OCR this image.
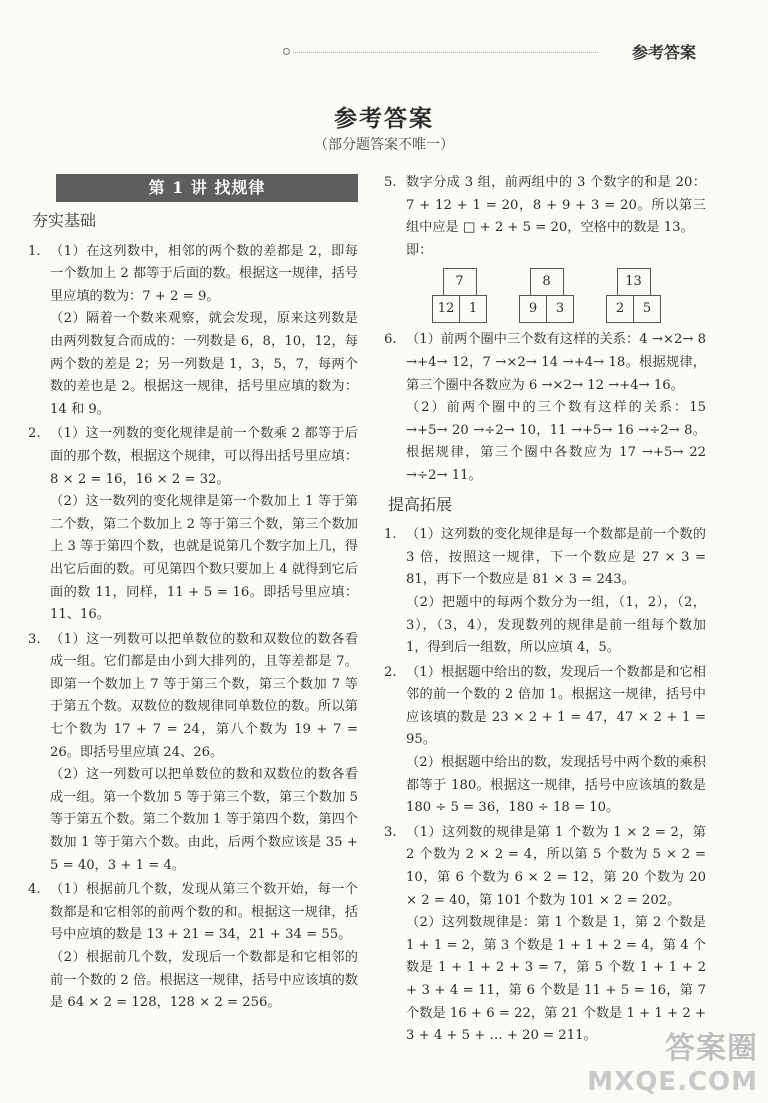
参考答案
参考答案
（部分题答案不唯一）
第 1 讲 找规律
夯实基础
1. （1）在这列数中，相邻的两个数的差都是 2，即每一个数加上 2 都等于后面的数。根据这一规律，括号里应填的数为：7 + 2 = 9。
（2）隔着一个数来观察，就会发现，原来这列数是由两列数复合而成的：一列数是 6，8，10，12，每两个数的差是 2；另一列数是 1，3，5，7，每两个数的差也是 2。根据这一规律，括号里应填的数为：14 和 9。
2. （1）这一列数的变化规律是前一个数乘 2 都等于后面的那个数，根据这个规律，可以得出括号里应填：8 × 2 = 16，16 × 2 = 32。
（2）这一数列的变化规律是第一个数加上 1 等于第二个数，第二个数加上 2 等于第三个数，第三个数加上 3 等于第四个数，也就是说第几个数字加上几，得出它后面的数。可见第四个数只要加上 4 就得到它后面的数 11，同样，11 + 5 = 16。即括号里应填：11、16。
3. （1）这一列数可以把单数位的数和双数位的数各看成一组。它们都是由小到大排列的，且等差都是 7。即第一个数加上 7 等于第三个数，第三个数加 7 等于第五个数。双数位的数规律同单数位的数。所以第七个数为 17 + 7 = 24，第八个数为 19 + 7 = 26。即括号里应填 24、26。
（2）这一列数可以把单数位的数和双数位的数各看成一组。第一个数加 5 等于第三个数，第三个数加 5 等于第五个数。第二个数加 1 等于第四个数，第四个数加 1 等于第六个数。由此，后两个数应该是 35 + 5 = 40，3 + 1 = 4。
4. （1）根据前几个数，发现从第三个数开始，每一个数都是和它相邻的前两个数的和。根据这一规律，括号中应填的数是 13 + 21 = 34，21 + 34 = 55。
（2）根据前几个数，发现后一个数都是和它相邻的前一个数的 2 倍。根据这一规律，括号中应该填的数是 64 × 2 = 128，128 × 2 = 256。
5. 数字分成 3 组，前两组中的 3 个数字的和是 20：7 + 12 + 1 = 20，8 + 9 + 3 = 20。所以第三组中应是 □ + 2 + 5 = 20，空格中的数是 13。
即：
7
12	1
8
9	3
13
2	5
6. （1）前两个圈中三个数有这样的关系：4 →×2→ 8 →+4→ 12，7 →×2→ 14 →+4→ 18。根据规律，第三个圈中各数应为 6 →×2→ 12 →+4→ 16。
（2）前两个圈中的三个数有这样的关系：15 →+5→ 20 →÷2→ 10，11 →+5→ 16 →÷2→ 8。根据规律，第三个圈中各数应为 17 →+5→ 22 →÷2→ 11。
提高拓展
1. （1）这列数的变化规律是每一个数都是前一个数的 3 倍，按照这一规律，下一个数应是 27 × 3 = 81，再下一个数应是 81 × 3 = 243。
（2）把题中的每两个数分为一组，（1，2），（2，3），（3，4），发现数列的规律是前一组每个数加 1，得到后一组数，所以应填 4，5。
2. （1）根据题中给出的数，发现后一个数都是和它相邻的前一个数的 2 倍加 1。根据这一规律，括号中应该填的数是 23 × 2 + 1 = 47，47 × 2 + 1 = 95。
（2）根据题中给出的数，发现括号中两个数的乘积都等于 180。根据这一规律，括号中应该填的数是 180 ÷ 5 = 36，180 ÷ 18 = 10。
3. （1）这列数的规律是第 1 个数为 1 × 2 = 2，第 2 个数为 2 × 2 = 4，所以第 5 个数为 5 × 2 = 10，第 6 个数为 6 × 2 = 12，第 20 个数为 20 × 2 = 40，第 101 个数为 101 × 2 = 202。
（2）这列数规律是：第 1 个数是 1，第 2 个数是 1 + 1 = 2，第 3 个数是 1 + 1 + 2 = 4，第 4 个数是 1 + 1 + 2 + 3 = 7，第 5 个数 1 + 1 + 2 + 3 + 4 = 11，第 6 个数是 11 + 5 = 16，第 7 个数是 16 + 6 = 22，第 21 个数是 1 + 1 + 2 + 3 + 4 + 5 + … + 20 = 211。	答案圈
MXQE.COM
